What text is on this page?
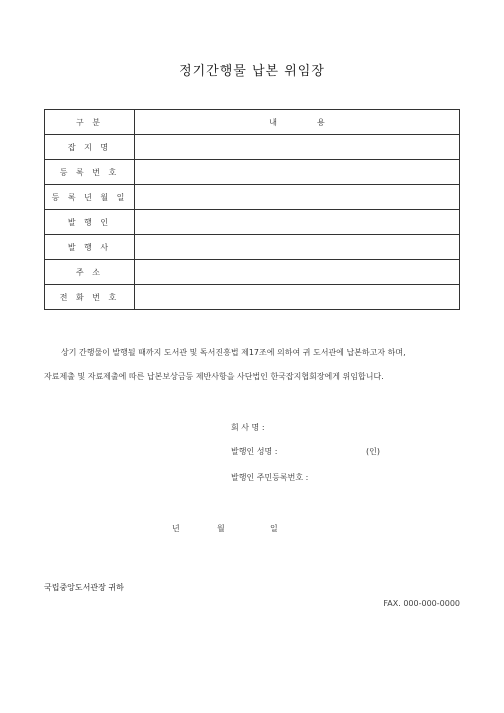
정기간행물 납본 위임장
구 분	내 용
잡 지 명	
등 록 번 호	
등 록 년 월 일	
발 행 인	
발 행 사	
주 소	
전 화 번 호	
상기 간행물이 발행될 때까지 도서관 및 독서진흥법 제17조에 의하여 귀 도서관에 납본하고자 하며,
자료제출 및 자료제출에 따른 납본보상금등 제반사항을 사단법인 한국잡지협회장에게 위임합니다.
회 사 명 :
발행인 성명 :	(인)
발행인 주민등록번호 :
년	월	일
국립중앙도서관장 귀하
FAX. 000-000-0000
